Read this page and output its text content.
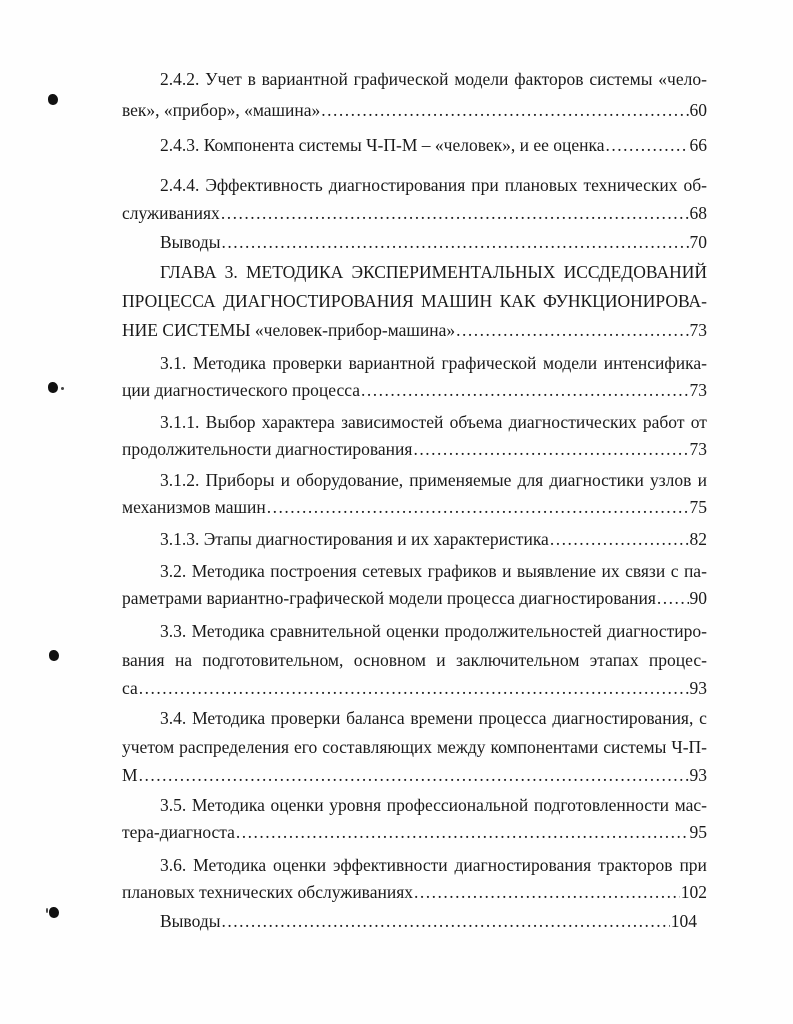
2.4.2. Учет в вариантной графической модели факторов системы «чело-
век», «прибор», «машина» .....	60
2.4.3. Компонента системы Ч-П-М – «человек», и ее оценка .....	66
2.4.4. Эффективность диагностирования при плановых технических об-
служиваниях .....	68
Выводы .....	70
ГЛАВА 3. МЕТОДИКА ЭКСПЕРИМЕНТАЛЬНЫХ ИССДЕДОВАНИЙ
ПРОЦЕССА ДИАГНОСТИРОВАНИЯ МАШИН КАК ФУНКЦИОНИРОВА-
НИЕ СИСТЕМЫ «человек-прибор-машина» .....	73
3.1. Методика проверки вариантной графической модели интенсифика-
ции диагностического процесса .....	73
3.1.1. Выбор характера зависимостей объема диагностических работ от
продолжительности диагностирования .....	73
3.1.2. Приборы и оборудование, применяемые для диагностики узлов и
механизмов машин .....	75
3.1.3. Этапы диагностирования и их характеристика .....	82
3.2. Методика построения сетевых графиков и выявление их связи с па-
раметрами вариантно-графической модели процесса диагностирования ..... 90
3.3. Методика сравнительной оценки продолжительностей диагностиро-
вания на подготовительном, основном и заключительном этапах процес-
са .....	93
3.4. Методика проверки баланса времени процесса диагностирования, с
учетом распределения его составляющих между компонентами системы Ч-П-
М .....	93
3.5. Методика оценки уровня профессиональной подготовленности мас-
тера-диагноста .....	95
3.6. Методика оценки эффективности диагностирования тракторов при
плановых технических обслуживаниях .....	102
Выводы .....	104
